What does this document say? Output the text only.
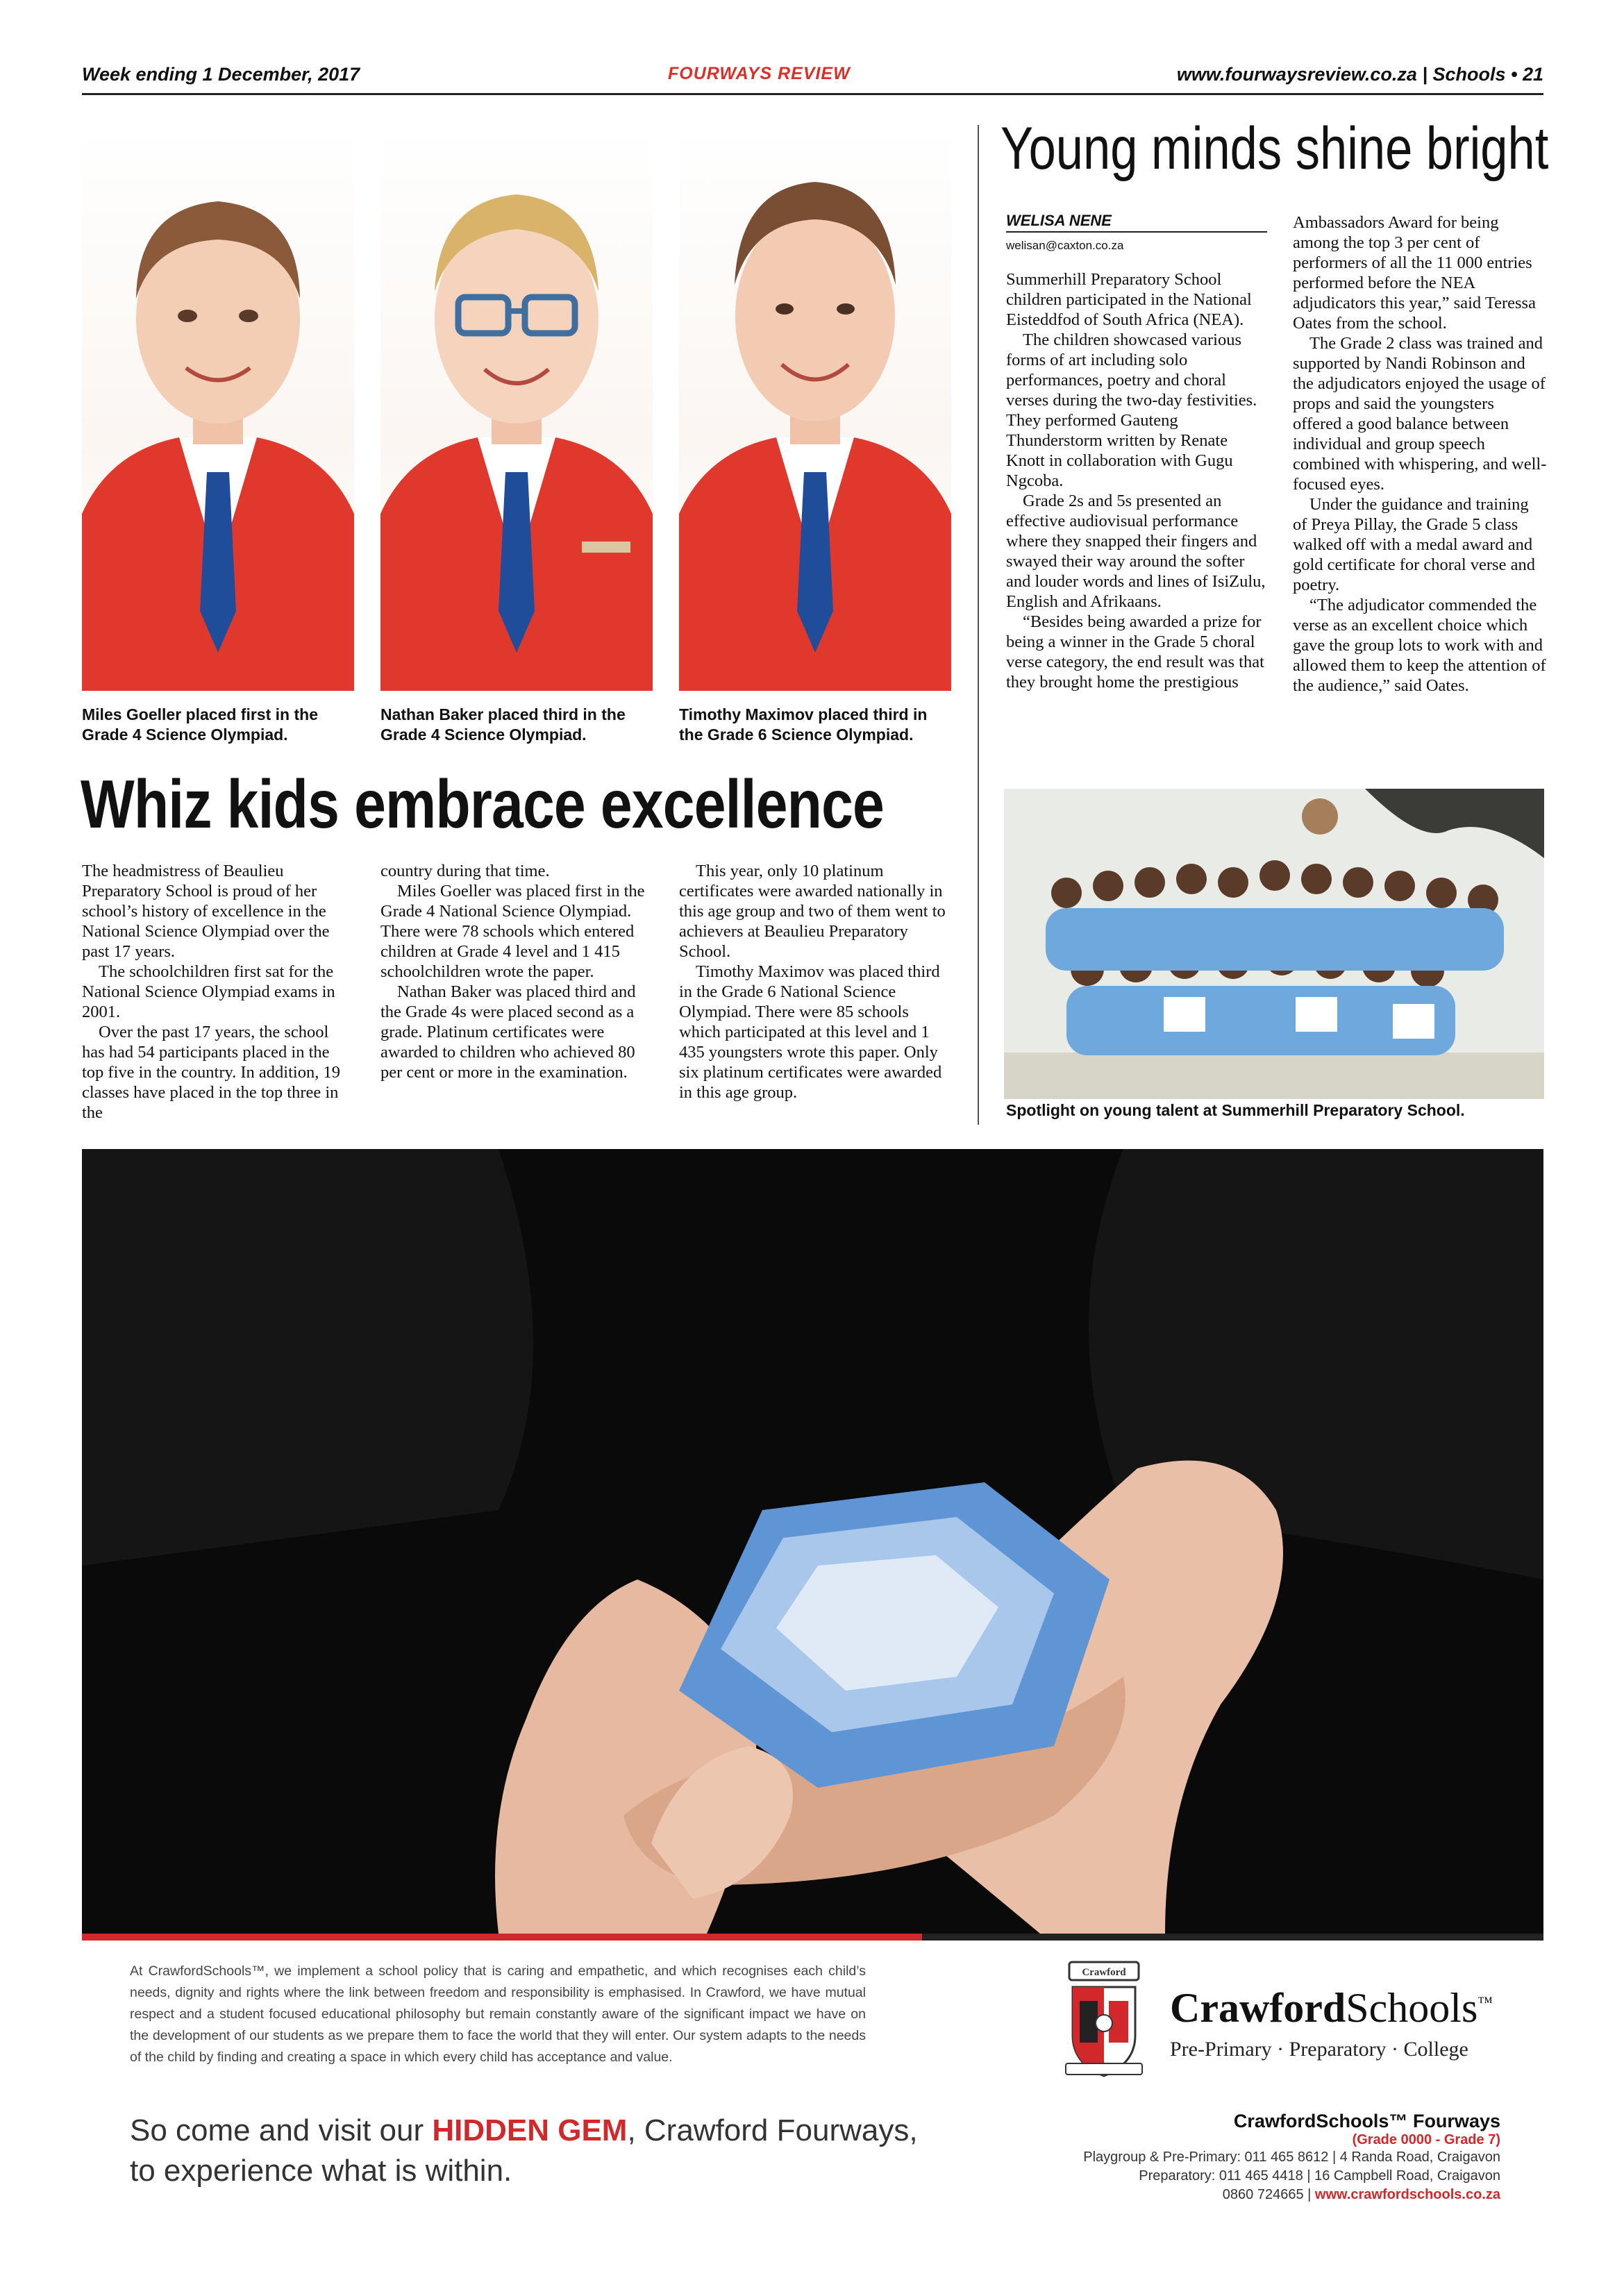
Week ending 1 December, 2017	FOURWAYS REVIEW	www.fourwaysreview.co.za | Schools • 21
Miles Goeller placed first in the Grade 4 Science Olympiad.
Nathan Baker placed third in the Grade 4 Science Olympiad.
Timothy Maximov placed third in the Grade 6 Science Olympiad.
Whiz kids embrace excellence

The headmistress of Beaulieu Preparatory School is proud of her school’s history of excellence in the National Science Olympiad over the past 17 years.

The schoolchildren first sat for the National Science Olympiad exams in 2001.

Over the past 17 years, the school has had 54 participants placed in the top five in the country. In addition, 19 classes have placed in the top three in the

country during that time.

Miles Goeller was placed first in the Grade 4 National Science Olympiad. There were 78 schools which entered children at Grade 4 level and 1 415 schoolchildren wrote the paper.

Nathan Baker was placed third and the Grade 4s were placed second as a grade. Platinum certificates were awarded to children who achieved 80 per cent or more in the examination.

This year, only 10 platinum certificates were awarded nationally in this age group and two of them went to achievers at Beaulieu Preparatory School.

Timothy Maximov was placed third in the Grade 6 National Science Olympiad. There were 85 schools which participated at this level and 1 435 youngsters wrote this paper. Only six platinum certificates were awarded in this age group.

Young minds shine bright
WELISA NENE
welisan@caxton.co.za

Summerhill Preparatory School children participated in the National Eisteddfod of South Africa (NEA).

The children showcased various forms of art including solo performances, poetry and choral verses during the two-day festivities. They performed Gauteng Thunderstorm written by Renate Knott in collaboration with Gugu Ngcoba.

Grade 2s and 5s presented an effective audiovisual performance where they snapped their fingers and swayed their way around the softer and louder words and lines of IsiZulu, English and Afrikaans.

“Besides being awarded a prize for being a winner in the Grade 5 choral verse category, the end result was that they brought home the prestigious

Ambassadors Award for being among the top 3 per cent of performers of all the 11 000 entries performed before the NEA adjudicators this year,” said Teressa Oates from the school.

The Grade 2 class was trained and supported by Nandi Robinson and the adjudicators enjoyed the usage of props and said the youngsters offered a good balance between individual and group speech combined with whispering, and well-focused eyes.

Under the guidance and training of Preya Pillay, the Grade 5 class walked off with a medal award and gold certificate for choral verse and poetry.

“The adjudicator commended the verse as an excellent choice which gave the group lots to work with and allowed them to keep the attention of the audience,” said Oates.

Spotlight on young talent at Summerhill Preparatory School.
At CrawfordSchools™, we implement a school policy that is caring and empathetic, and which recognises each child’s needs, dignity and rights where the link between freedom and responsibility is emphasised. In Crawford, we have mutual respect and a student focused educational philosophy but remain constantly aware of the significant impact we have on the development of our students as we prepare them to face the world that they will enter. Our system adapts to the needs of the child by finding and creating a space in which every child has acceptance and value.
So come and visit our HIDDEN GEM, Crawford Fourways,
to experience what is within.
Crawford
CrawfordSchools™
Pre-Primary · Preparatory · College
CrawfordSchools™ Fourways
(Grade 0000 - Grade 7)
Playgroup & Pre-Primary: 011 465 8612 | 4 Randa Road, Craigavon
Preparatory: 011 465 4418 | 16 Campbell Road, Craigavon
0860 724665 | www.crawfordschools.co.za
